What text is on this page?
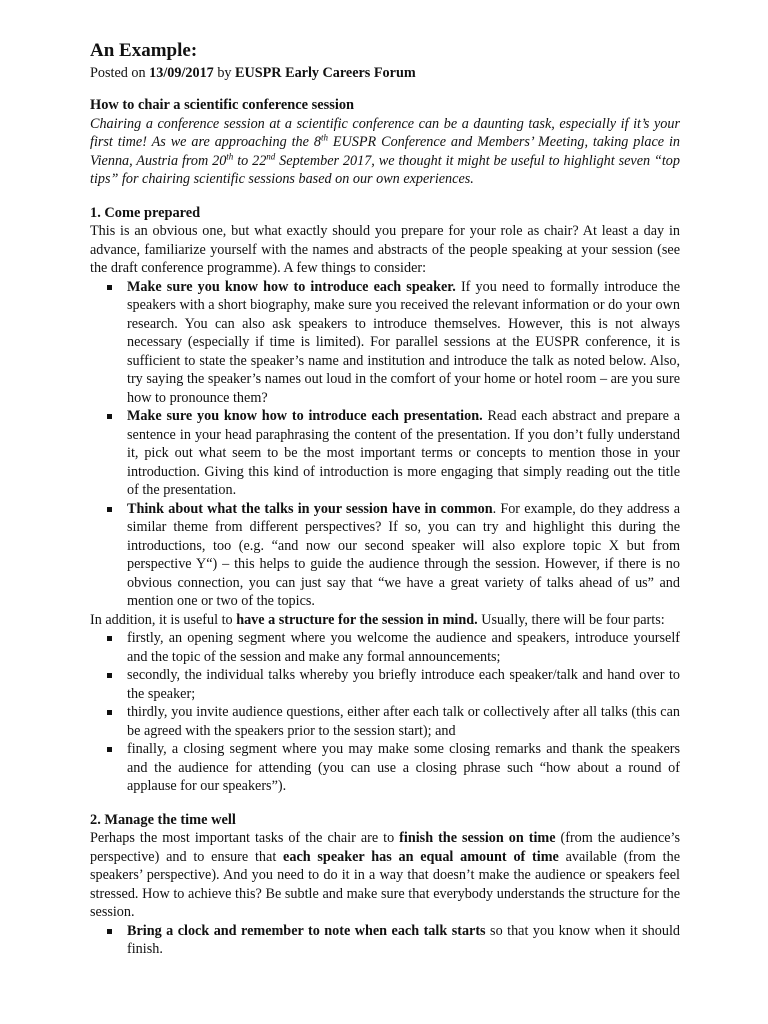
An Example:
Posted on 13/09/2017 by EUSPR Early Careers Forum
How to chair a scientific conference session

Chairing a conference session at a scientific conference can be a daunting task, especially if it’s your first time! As we are approaching the 8th EUSPR Conference and Members’ Meeting, taking place in Vienna, Austria from 20th to 22nd September 2017, we thought it might be useful to highlight seven “top tips” for chairing scientific sessions based on our own experiences.

1. Come prepared

This is an obvious one, but what exactly should you prepare for your role as chair? At least a day in advance, familiarize yourself with the names and abstracts of the people speaking at your session (see the draft conference programme). A few things to consider:

Make sure you know how to introduce each speaker. If you need to formally introduce the speakers with a short biography, make sure you received the relevant information or do your own research. You can also ask speakers to introduce themselves. However, this is not always necessary (especially if time is limited). For parallel sessions at the EUSPR conference, it is sufficient to state the speaker’s name and institution and introduce the talk as noted below. Also, try saying the speaker’s names out loud in the comfort of your home or hotel room – are you sure how to pronounce them?
Make sure you know how to introduce each presentation. Read each abstract and prepare a sentence in your head paraphrasing the content of the presentation. If you don’t fully understand it, pick out what seem to be the most important terms or concepts to mention those in your introduction. Giving this kind of introduction is more engaging that simply reading out the title of the presentation.
Think about what the talks in your session have in common. For example, do they address a similar theme from different perspectives? If so, you can try and highlight this during the introductions, too (e.g. “and now our second speaker will also explore topic X but from perspective Y“) – this helps to guide the audience through the session. However, if there is no obvious connection, you can just say that “we have a great variety of talks ahead of us” and mention one or two of the topics.

In addition, it is useful to have a structure for the session in mind. Usually, there will be four parts:

firstly, an opening segment where you welcome the audience and speakers, introduce yourself and the topic of the session and make any formal announcements;
secondly, the individual talks whereby you briefly introduce each speaker/talk and hand over to the speaker;
thirdly, you invite audience questions, either after each talk or collectively after all talks (this can be agreed with the speakers prior to the session start); and
finally, a closing segment where you may make some closing remarks and thank the speakers and the audience for attending (you can use a closing phrase such “how about a round of applause for our speakers”).
2. Manage the time well

Perhaps the most important tasks of the chair are to finish the session on time (from the audience’s perspective) and to ensure that each speaker has an equal amount of time available (from the speakers’ perspective). And you need to do it in a way that doesn’t make the audience or speakers feel stressed. How to achieve this? Be subtle and make sure that everybody understands the structure for the session.

Bring a clock and remember to note when each talk starts so that you know when it should finish.
